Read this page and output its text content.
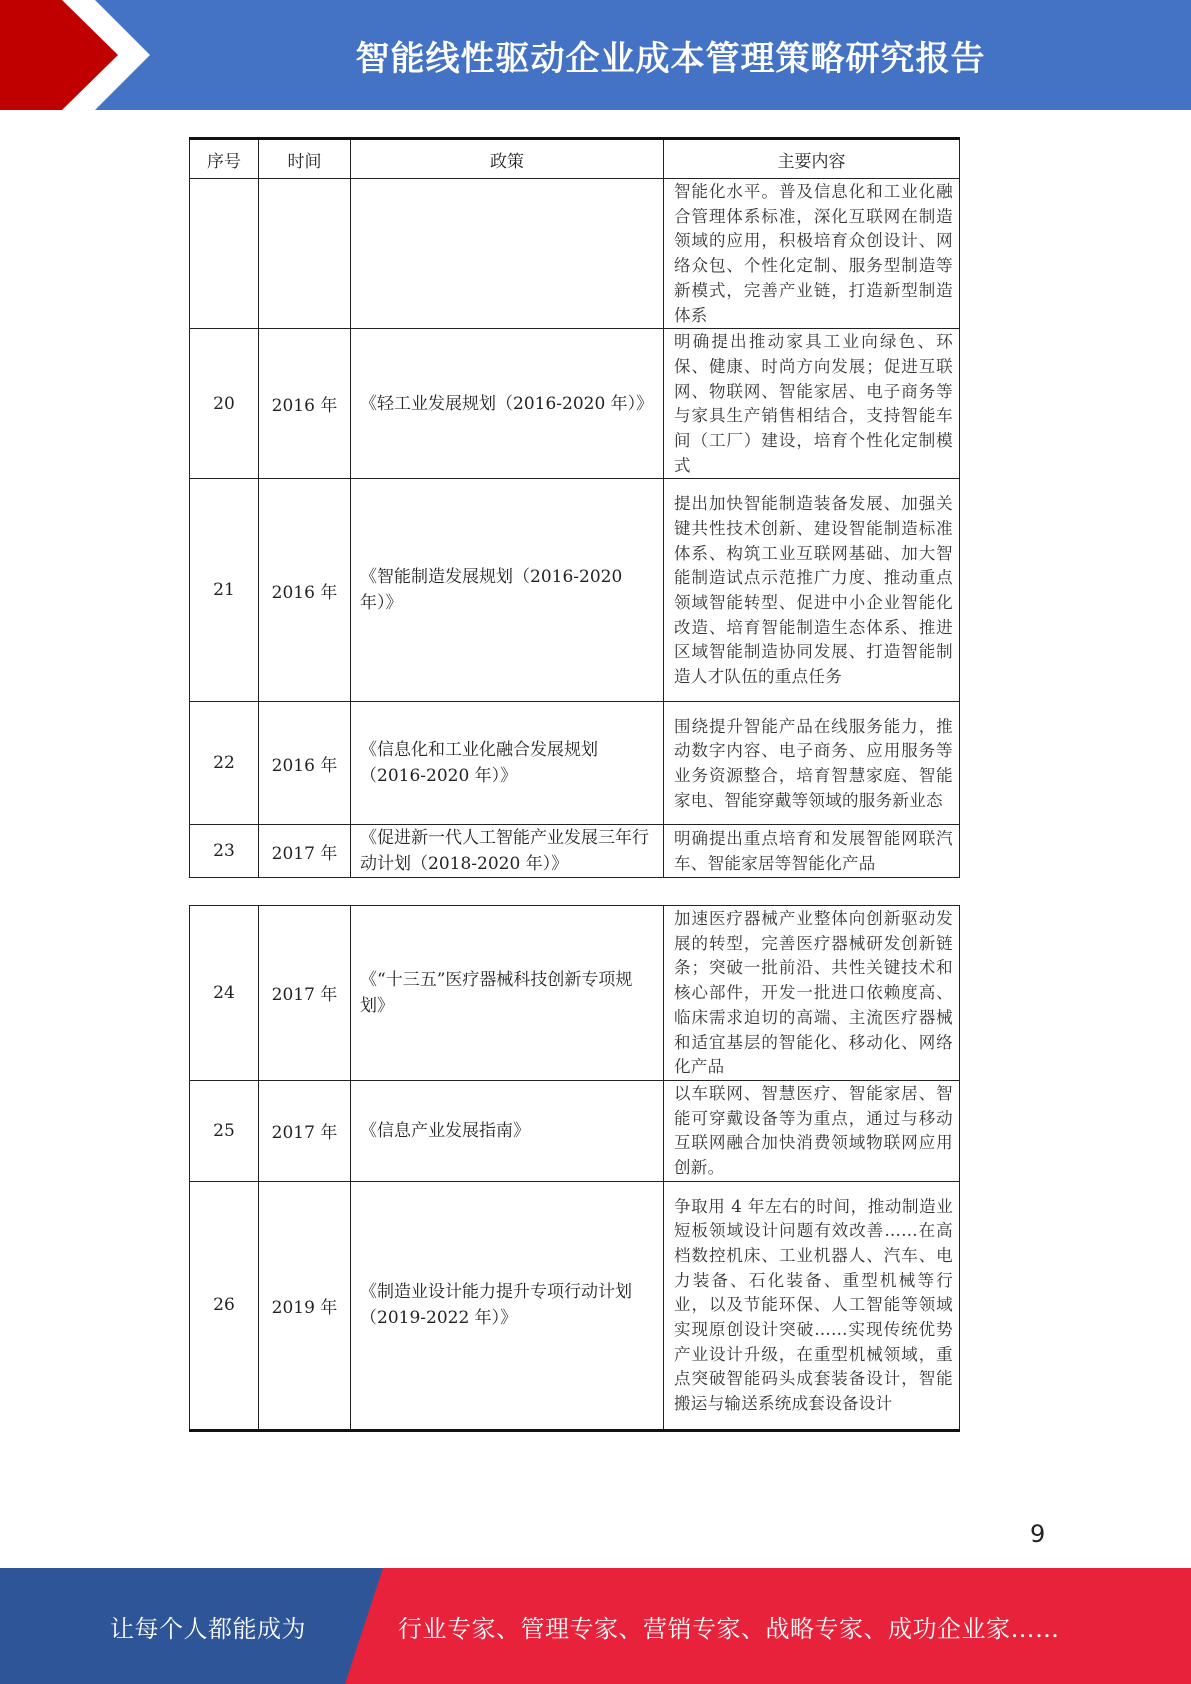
智能线性驱动企业成本管理策略研究报告
序号	时间	政策	主要内容
			智能化水平。普及信息化和工业化融合管理体系标准，深化互联网在制造领域的应用，积极培育众创设计、网络众包、个性化定制、服务型制造等新模式，完善产业链，打造新型制造体系
20	2016 年	《轻工业发展规划（2016-2020 年）》	明确提出推动家具工业向绿色、环保、健康、时尚方向发展；促进互联网、物联网、智能家居、电子商务等与家具生产销售相结合，支持智能车间（工厂）建设，培育个性化定制模式
21	2016 年	《智能制造发展规划（2016-2020 年）》	提出加快智能制造装备发展、加强关键共性技术创新、建设智能制造标准体系、构筑工业互联网基础、加大智能制造试点示范推广力度、推动重点领域智能转型、促进中小企业智能化改造、培育智能制造生态体系、推进区域智能制造协同发展、打造智能制造人才队伍的重点任务
22	2016 年	《信息化和工业化融合发展规划（2016-2020 年）》	围绕提升智能产品在线服务能力，推动数字内容、电子商务、应用服务等业务资源整合，培育智慧家庭、智能家电、智能穿戴等领域的服务新业态
23	2017 年	《促进新一代人工智能产业发展三年行动计划（2018-2020 年）》	明确提出重点培育和发展智能网联汽车、智能家居等智能化产品
24	2017 年	《“十三五”医疗器械科技创新专项规划》	加速医疗器械产业整体向创新驱动发展的转型，完善医疗器械研发创新链条；突破一批前沿、共性关键技术和核心部件，开发一批进口依赖度高、临床需求迫切的高端、主流医疗器械和适宜基层的智能化、移动化、网络化产品
25	2017 年	《信息产业发展指南》	以车联网、智慧医疗、智能家居、智能可穿戴设备等为重点，通过与移动互联网融合加快消费领域物联网应用创新。
26	2019 年	《制造业设计能力提升专项行动计划（2019-2022 年）》	争取用 4 年左右的时间，推动制造业短板领域设计问题有效改善……在高档数控机床、工业机器人、汽车、电力装备、石化装备、重型机械等行业，以及节能环保、人工智能等领域实现原创设计突破……实现传统优势产业设计升级，在重型机械领域，重点突破智能码头成套装备设计，智能搬运与输送系统成套设备设计
9
让每个人都能成为	行业专家、管理专家、营销专家、战略专家、成功企业家……
